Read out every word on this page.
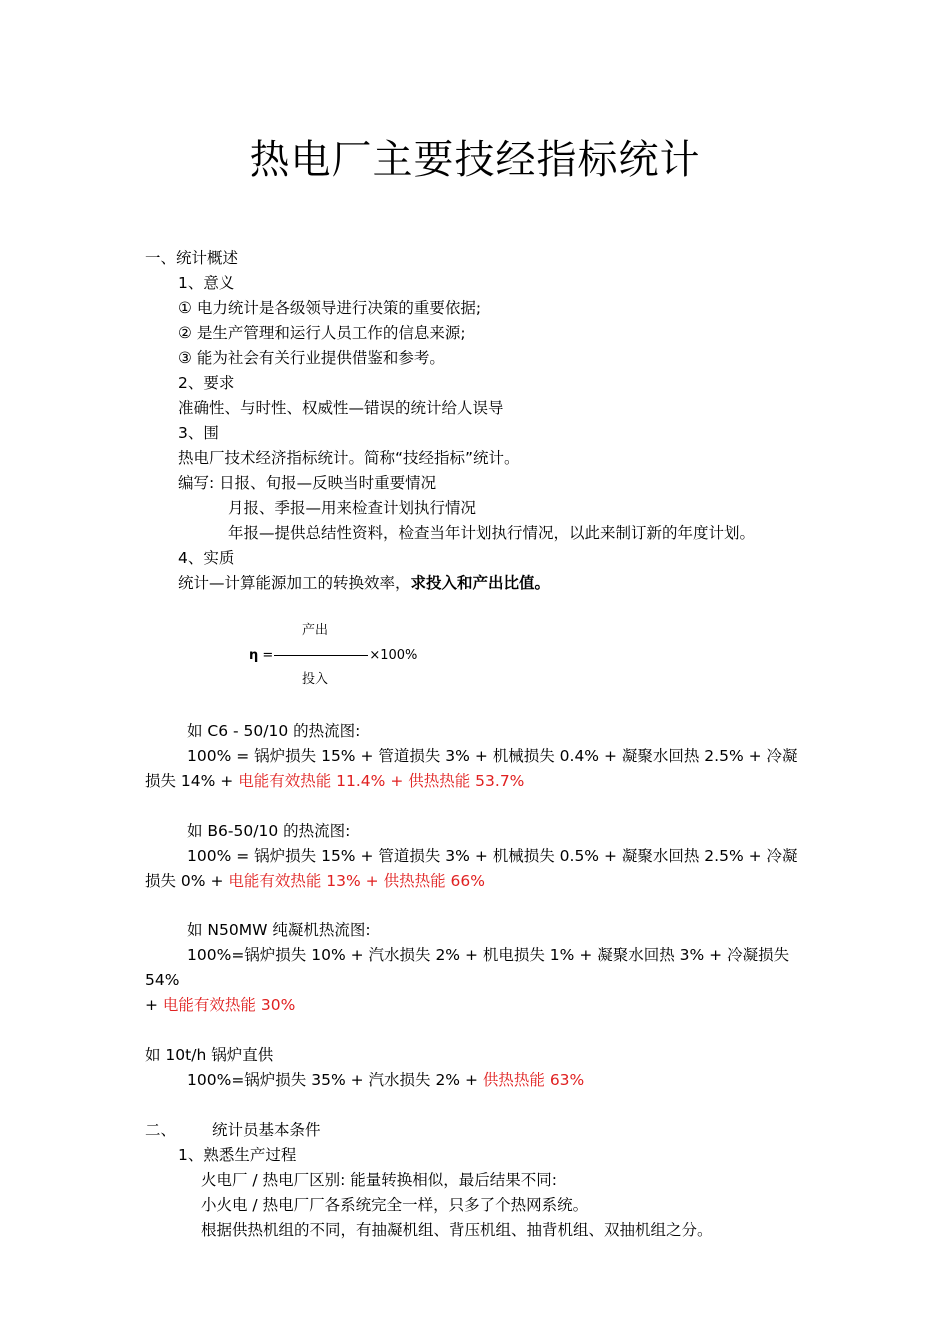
热电厂主要技经指标统计
一、统计概述
1、意义
① 电力统计是各级领导进行决策的重要依据;
② 是生产管理和运行人员工作的信息来源;
③ 能为社会有关行业提供借鉴和参考。
2、要求
准确性、与时性、权威性—错误的统计给人误导
3、围
热电厂技术经济指标统计。简称“技经指标”统计。
编写: 日报、旬报—反映当时重要情况
月报、季报—用来检查计划执行情况
年报—提供总结性资料，检查当年计划执行情况，以此来制订新的年度计划。
4、实质
统计—计算能源加工的转换效率，求投入和产出比值。
产出
η =	×100%
投入
如 C6 - 50/10 的热流图:
100% = 锅炉损失 15% + 管道损失 3% + 机械损失 0.4% + 凝聚水回热 2.5% + 冷凝
损失 14% + 电能有效热能 11.4% + 供热热能 53.7%
如 B6-50/10 的热流图:
100% = 锅炉损失 15% + 管道损失 3% + 机械损失 0.5% + 凝聚水回热 2.5% + 冷凝
损失 0% + 电能有效热能 13% + 供热热能 66%
如 N50MW 纯凝机热流图:
100%=锅炉损失 10% + 汽水损失 2% + 机电损失 1% + 凝聚水回热 3% + 冷凝损失
54%
+ 电能有效热能 30%
如 10t/h 锅炉直供
100%=锅炉损失 35% + 汽水损失 2% + 供热热能 63%
二、 统计员基本条件
1、熟悉生产过程
火电厂 / 热电厂区别: 能量转换相似，最后结果不同:
小火电 / 热电厂厂各系统完全一样，只多了个热网系统。
根据供热机组的不同，有抽凝机组、背压机组、抽背机组、双抽机组之分。
